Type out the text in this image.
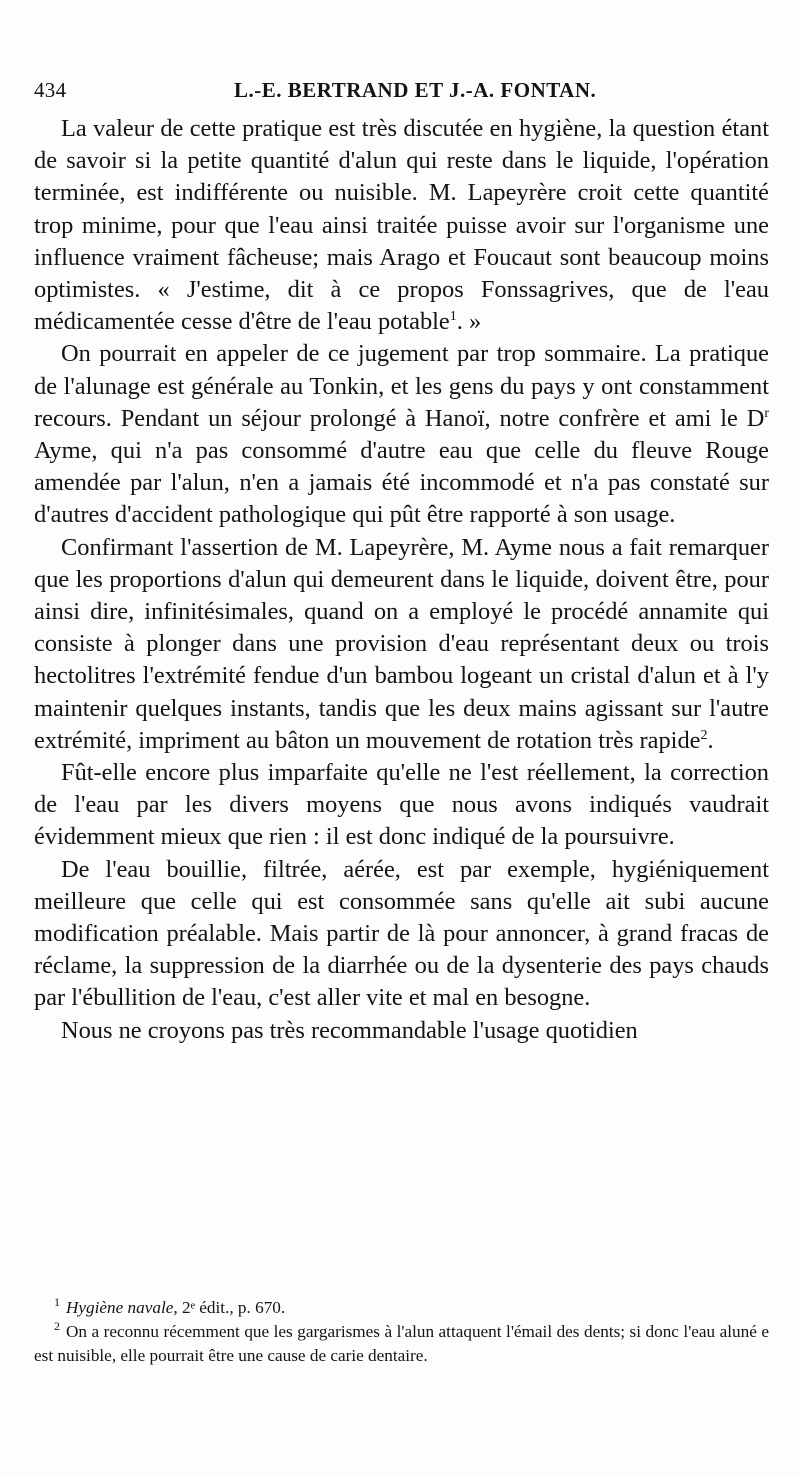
434	L.-E. BERTRAND ET J.-A. FONTAN.

La valeur de cette pratique est très discutée en hygiène, la question étant de savoir si la petite quantité d'alun qui reste dans le liquide, l'opération terminée, est indifférente ou nuisible. M. Lapeyrère croit cette quantité trop minime, pour que l'eau ainsi traitée puisse avoir sur l'organisme une influence vraiment fâcheuse; mais Arago et Foucaut sont beaucoup moins optimistes. « J'estime, dit à ce propos Fonssagrives, que de l'eau médicamentée cesse d'être de l'eau potable$^1$. »

On pourrait en appeler de ce jugement par trop sommaire. La pratique de l'alunage est générale au Tonkin, et les gens du pays y ont constamment recours. Pendant un séjour prolongé à Hanoï, notre confrère et ami le D$^r$ Ayme, qui n'a pas consommé d'autre eau que celle du fleuve Rouge amendée par l'alun, n'en a jamais été incommodé et n'a pas constaté sur d'autres d'accident pathologique qui pût être rapporté à son usage.

Confirmant l'assertion de M. Lapeyrère, M. Ayme nous a fait remarquer que les proportions d'alun qui demeurent dans le liquide, doivent être, pour ainsi dire, infinitésimales, quand on a employé le procédé annamite qui consiste à plonger dans une provision d'eau représentant deux ou trois hectolitres l'extrémité fendue d'un bambou logeant un cristal d'alun et à l'y maintenir quelques instants, tandis que les deux mains agissant sur l'autre extrémité, impriment au bâton un mouvement de rotation très rapide$^2$.

Fût-elle encore plus imparfaite qu'elle ne l'est réellement, la correction de l'eau par les divers moyens que nous avons indiqués vaudrait évidemment mieux que rien : il est donc indiqué de la poursuivre.

De l'eau bouillie, filtrée, aérée, est par exemple, hygiéniquement meilleure que celle qui est consommée sans qu'elle ait subi aucune modification préalable. Mais partir de là pour annoncer, à grand fracas de réclame, la suppression de la diarrhée ou de la dysenterie des pays chauds par l'ébullition de l'eau, c'est aller vite et mal en besogne.

Nous ne croyons pas très recommandable l'usage quotidien

$^1$ Hygiène navale, 2ᵉ édit., p. 670.

$^2$ On a reconnu récemment que les gargarismes à l'alun attaquent l'émail des dents; si donc l'eau aluné e est nuisible, elle pourrait être une cause de carie dentaire.
